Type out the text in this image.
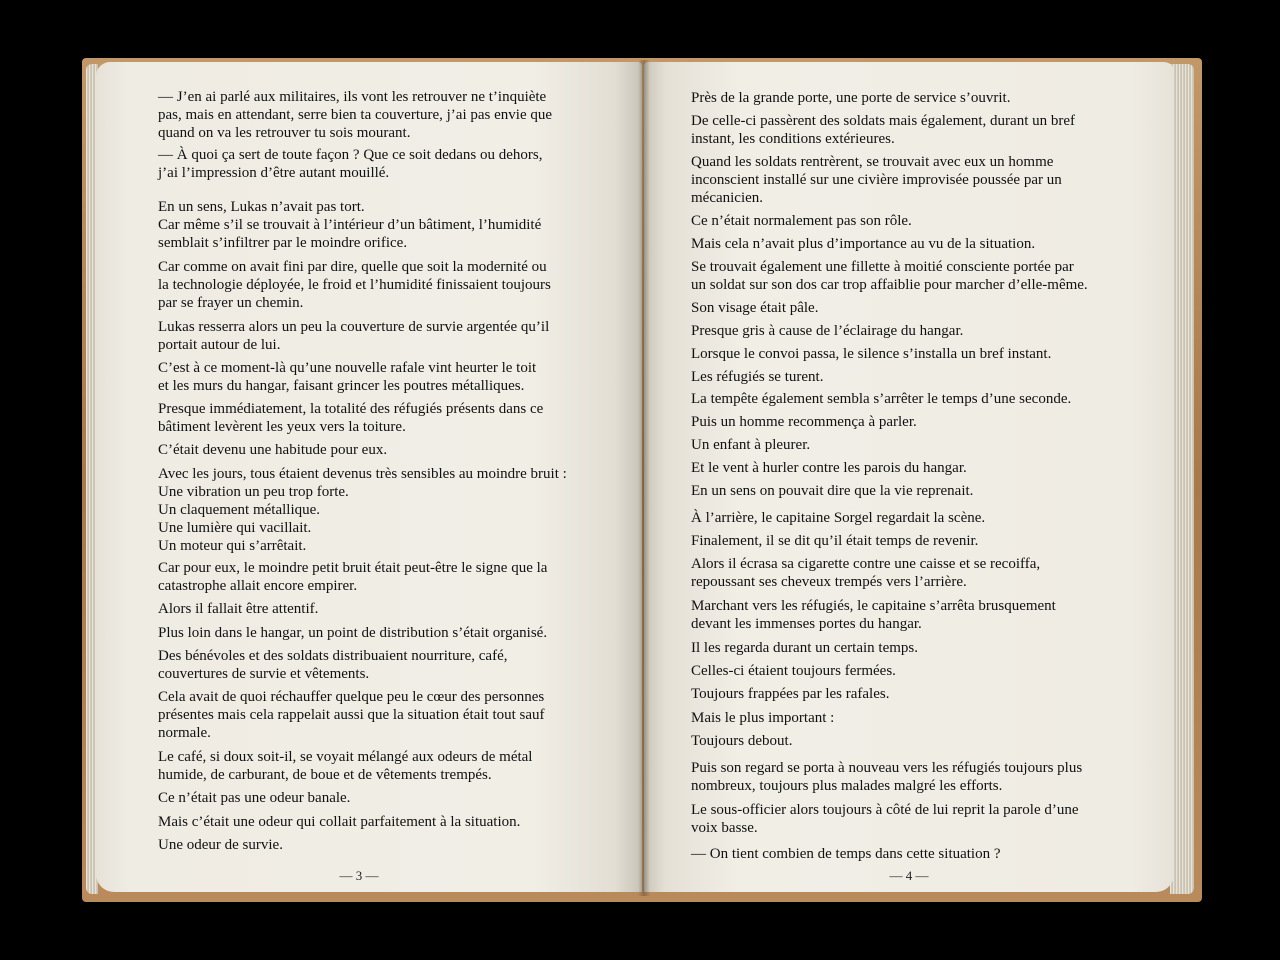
— J’en ai parlé aux militaires, ils vont les retrouver ne t’inquiète
pas, mais en attendant, serre bien ta couverture, j’ai pas envie que
quand on va les retrouver tu sois mourant.
— À quoi ça sert de toute façon ? Que ce soit dedans ou dehors,
j’ai l’impression d’être autant mouillé.
En un sens, Lukas n’avait pas tort.
Car même s’il se trouvait à l’intérieur d’un bâtiment, l’humidité
semblait s’infiltrer par le moindre orifice.
Car comme on avait fini par dire, quelle que soit la modernité ou
la technologie déployée, le froid et l’humidité finissaient toujours
par se frayer un chemin.
Lukas resserra alors un peu la couverture de survie argentée qu’il
portait autour de lui.
C’est à ce moment-là qu’une nouvelle rafale vint heurter le toit
et les murs du hangar, faisant grincer les poutres métalliques.
Presque immédiatement, la totalité des réfugiés présents dans ce
bâtiment levèrent les yeux vers la toiture.
C’était devenu une habitude pour eux.
Avec les jours, tous étaient devenus très sensibles au moindre bruit :
Une vibration un peu trop forte.
Un claquement métallique.
Une lumière qui vacillait.
Un moteur qui s’arrêtait.
Car pour eux, le moindre petit bruit était peut-être le signe que la
catastrophe allait encore empirer.
Alors il fallait être attentif.
Plus loin dans le hangar, un point de distribution s’était organisé.
Des bénévoles et des soldats distribuaient nourriture, café,
couvertures de survie et vêtements.
Cela avait de quoi réchauffer quelque peu le cœur des personnes
présentes mais cela rappelait aussi que la situation était tout sauf
normale.
Le café, si doux soit-il, se voyait mélangé aux odeurs de métal
humide, de carburant, de boue et de vêtements trempés.
Ce n’était pas une odeur banale.
Mais c’était une odeur qui collait parfaitement à la situation.
Une odeur de survie.
— 3 —
Près de la grande porte, une porte de service s’ouvrit.
De celle-ci passèrent des soldats mais également, durant un bref
instant, les conditions extérieures.
Quand les soldats rentrèrent, se trouvait avec eux un homme
inconscient installé sur une civière improvisée poussée par un
mécanicien.
Ce n’était normalement pas son rôle.
Mais cela n’avait plus d’importance au vu de la situation.
Se trouvait également une fillette à moitié consciente portée par
un soldat sur son dos car trop affaiblie pour marcher d’elle-même.
Son visage était pâle.
Presque gris à cause de l’éclairage du hangar.
Lorsque le convoi passa, le silence s’installa un bref instant.
Les réfugiés se turent.
La tempête également sembla s’arrêter le temps d’une seconde.
Puis un homme recommença à parler.
Un enfant à pleurer.
Et le vent à hurler contre les parois du hangar.
En un sens on pouvait dire que la vie reprenait.
À l’arrière, le capitaine Sorgel regardait la scène.
Finalement, il se dit qu’il était temps de revenir.
Alors il écrasa sa cigarette contre une caisse et se recoiffa,
repoussant ses cheveux trempés vers l’arrière.
Marchant vers les réfugiés, le capitaine s’arrêta brusquement
devant les immenses portes du hangar.
Il les regarda durant un certain temps.
Celles-ci étaient toujours fermées.
Toujours frappées par les rafales.
Mais le plus important :
Toujours debout.
Puis son regard se porta à nouveau vers les réfugiés toujours plus
nombreux, toujours plus malades malgré les efforts.
Le sous-officier alors toujours à côté de lui reprit la parole d’une
voix basse.
— On tient combien de temps dans cette situation ?
— 4 —
